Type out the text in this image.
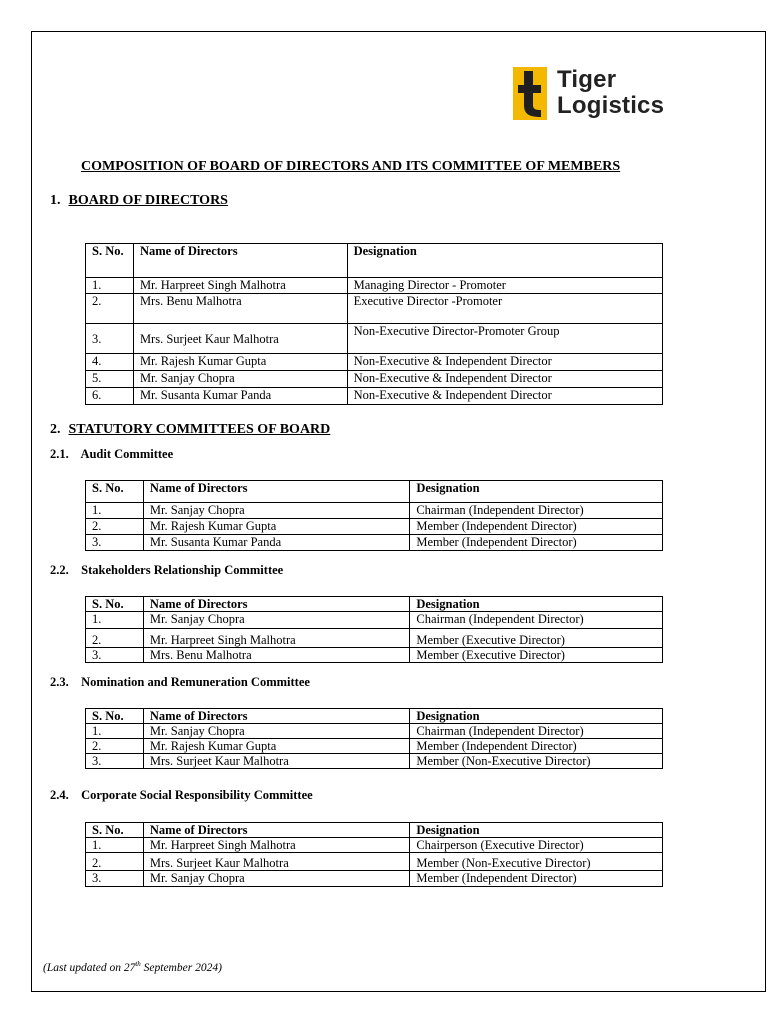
Tiger
Logistics
COMPOSITION OF BOARD OF DIRECTORS AND ITS COMMITTEE OF MEMBERS
1. BOARD OF DIRECTORS
S. No.	Name of Directors	Designation
1.	Mr. Harpreet Singh Malhotra	Managing Director - Promoter
2.	Mrs. Benu Malhotra	Executive Director -Promoter
3.	Mrs. Surjeet Kaur Malhotra	Non-Executive Director-Promoter Group
4.	Mr. Rajesh Kumar Gupta	Non-Executive & Independent Director
5.	Mr. Sanjay Chopra	Non-Executive & Independent Director
6.	Mr. Susanta Kumar Panda	Non-Executive & Independent Director
2. STATUTORY COMMITTEES OF BOARD
2.1. Audit Committee
S. No.	Name of Directors	Designation
1.	Mr. Sanjay Chopra	Chairman (Independent Director)
2.	Mr. Rajesh Kumar Gupta	Member (Independent Director)
3.	Mr. Susanta Kumar Panda	Member (Independent Director)
2.2. Stakeholders Relationship Committee
S. No.	Name of Directors	Designation
1.	Mr. Sanjay Chopra	Chairman (Independent Director)
2.	Mr. Harpreet Singh Malhotra	Member (Executive Director)
3.	Mrs. Benu Malhotra	Member (Executive Director)
2.3. Nomination and Remuneration Committee
S. No.	Name of Directors	Designation
1.	Mr. Sanjay Chopra	Chairman (Independent Director)
2.	Mr. Rajesh Kumar Gupta	Member (Independent Director)
3.	Mrs. Surjeet Kaur Malhotra	Member (Non-Executive Director)
2.4. Corporate Social Responsibility Committee
S. No.	Name of Directors	Designation
1.	Mr. Harpreet Singh Malhotra	Chairperson (Executive Director)
2.	Mrs. Surjeet Kaur Malhotra	Member (Non-Executive Director)
3.	Mr. Sanjay Chopra	Member (Independent Director)
(Last updated on 27th September 2024)
